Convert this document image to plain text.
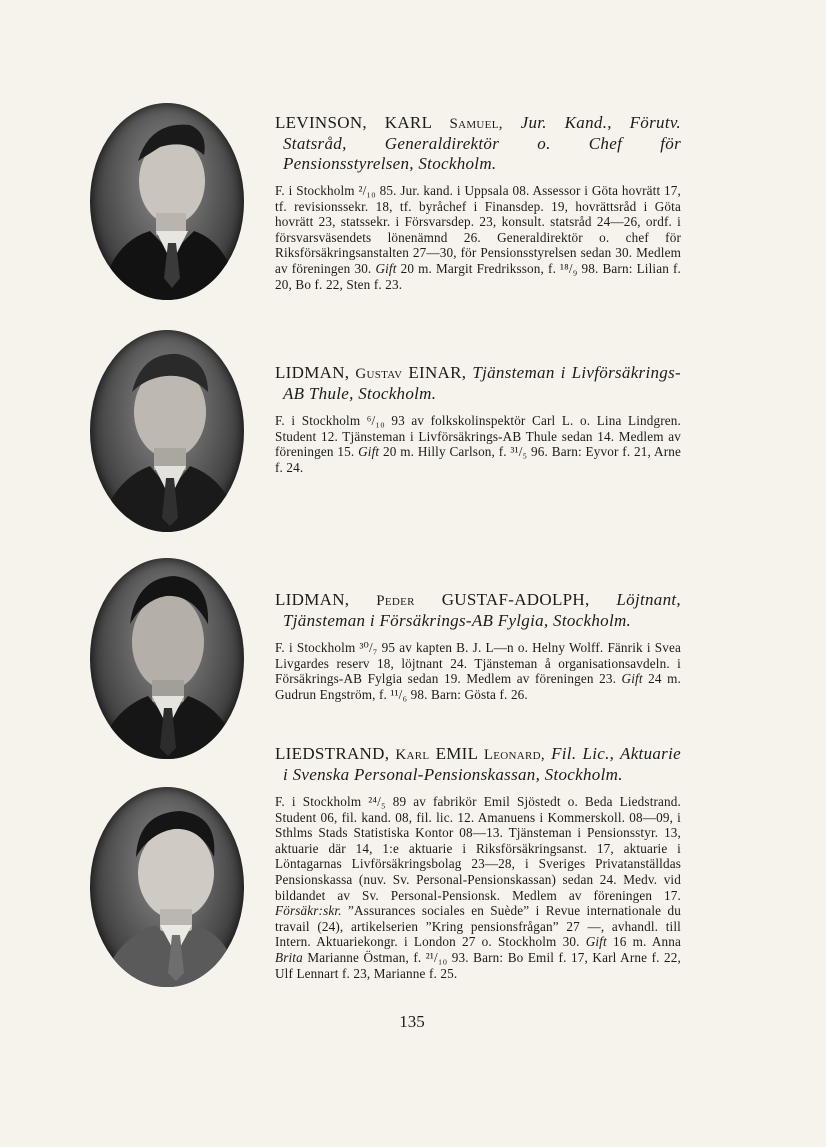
LEVINSON, KARL Samuel, Jur. Kand., Förutv. Statsråd, Generaldirektör o. Chef för Pensionsstyrelsen, Stockholm.

F. i Stockholm ²/₁₀ 85. Jur. kand. i Uppsala 08. Assessor i Göta hovrätt 17, tf. revisionssekr. 18, tf. byråchef i Finansdep. 19, hovrättsråd i Göta hovrätt 23, statssekr. i Försvarsdep. 23, konsult. statsråd 24—26, ordf. i försvarsväsendets lönenämnd 26. Generaldirektör o. chef för Riksförsäkringsanstalten 27—30, för Pensionsstyrelsen sedan 30. Medlem av föreningen 30. Gift 20 m. Margit Fredriksson, f. ¹⁸/₉ 98. Barn: Lilian f. 20, Bo f. 22, Sten f. 23.

LIDMAN, Gustav EINAR, Tjänsteman i Livförsäkrings-AB Thule, Stockholm.

F. i Stockholm ⁶/₁₀ 93 av folkskolinspektör Carl L. o. Lina Lindgren. Student 12. Tjänsteman i Livförsäkrings-AB Thule sedan 14. Medlem av föreningen 15. Gift 20 m. Hilly Carlson, f. ³¹/₅ 96. Barn: Eyvor f. 21, Arne f. 24.

LIDMAN, Peder GUSTAF-ADOLPH, Löjtnant, Tjänsteman i Försäkrings-AB Fylgia, Stockholm.

F. i Stockholm ³⁰/₇ 95 av kapten B. J. L—n o. Helny Wolff. Fänrik i Svea Livgardes reserv 18, löjtnant 24. Tjänsteman å organisationsavdeln. i Försäkrings-AB Fylgia sedan 19. Medlem av föreningen 23. Gift 24 m. Gudrun Engström, f. ¹¹/₆ 98. Barn: Gösta f. 26.

LIEDSTRAND, Karl EMIL Leonard, Fil. Lic., Aktuarie i Svenska Personal-Pensionskassan, Stockholm.

F. i Stockholm ²⁴/₅ 89 av fabrikör Emil Sjöstedt o. Beda Liedstrand. Student 06, fil. kand. 08, fil. lic. 12. Amanuens i Kommerskoll. 08—09, i Sthlms Stads Statistiska Kontor 08—13. Tjänsteman i Pensionsstyr. 13, aktuarie där 14, 1:e aktuarie i Riksförsäkringsanst. 17, aktuarie i Löntagarnas Livförsäkringsbolag 23—28, i Sveriges Privatanställdas Pensionskassa (nuv. Sv. Personal-Pensionskassan) sedan 24. Medv. vid bildandet av Sv. Personal-Pensionsk. Medlem av föreningen 17. Försäkr:skr. ”Assurances sociales en Suède” i Revue internationale du travail (24), artikelserien ”Kring pensionsfrågan” 27 —, avhandl. till Intern. Aktuariekongr. i London 27 o. Stockholm 30. Gift 16 m. Anna Brita Marianne Östman, f. ²¹/₁₀ 93. Barn: Bo Emil f. 17, Karl Arne f. 22, Ulf Lennart f. 23, Marianne f. 25.

135
